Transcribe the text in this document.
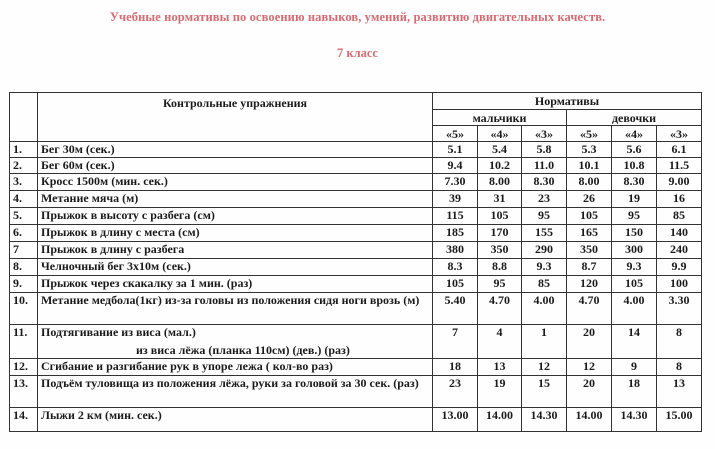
Учебные нормативы по освоению навыков, умений, развитию двигательных качеств.
7 класс
	Контрольные упражнения	Нормативы					
		мальчики			девочки		
		«5»	«4»	«3»	«5»	«4»	«3»
1.	Бег 30м (сек.)	5.1	5.4	5.8	5.3	5.6	6.1
2.	Бег 60м (сек.)	9.4	10.2	11.0	10.1	10.8	11.5
3.	Кросс 1500м (мин. сек.)	7.30	8.00	8.30	8.00	8.30	9.00
4.	Метание мяча (м)	39	31	23	26	19	16
5.	Прыжок в высоту с разбега (см)	115	105	95	105	95	85
6.	Прыжок в длину с места (см)	185	170	155	165	150	140
7	Прыжок в длину с разбега	380	350	290	350	300	240
8.	Челночный бег 3х10м (сек.)	8.3	8.8	9.3	8.7	9.3	9.9
9.	Прыжок через скакалку за 1 мин. (раз)	105	95	85	120	105	100
10.	Метание медбола(1кг) из-за головы из положения сидя ноги врозь (м)	5.40	4.70	4.00	4.70	4.00	3.30
11.	Подтягивание из виса (мал.)
из виса лёжа (планка 110см) (дев.) (раз)	7	4	1	20	14	8
12.	Сгибание и разгибание рук в упоре лежа ( кол-во раз)	18	13	12	12	9	8
13.	Подъём туловища из положения лёжа, руки за головой за 30 сек. (раз)	23	19	15	20	18	13
14.	Лыжи 2 км (мин. сек.)	13.00	14.00	14.30	14.00	14.30	15.00
